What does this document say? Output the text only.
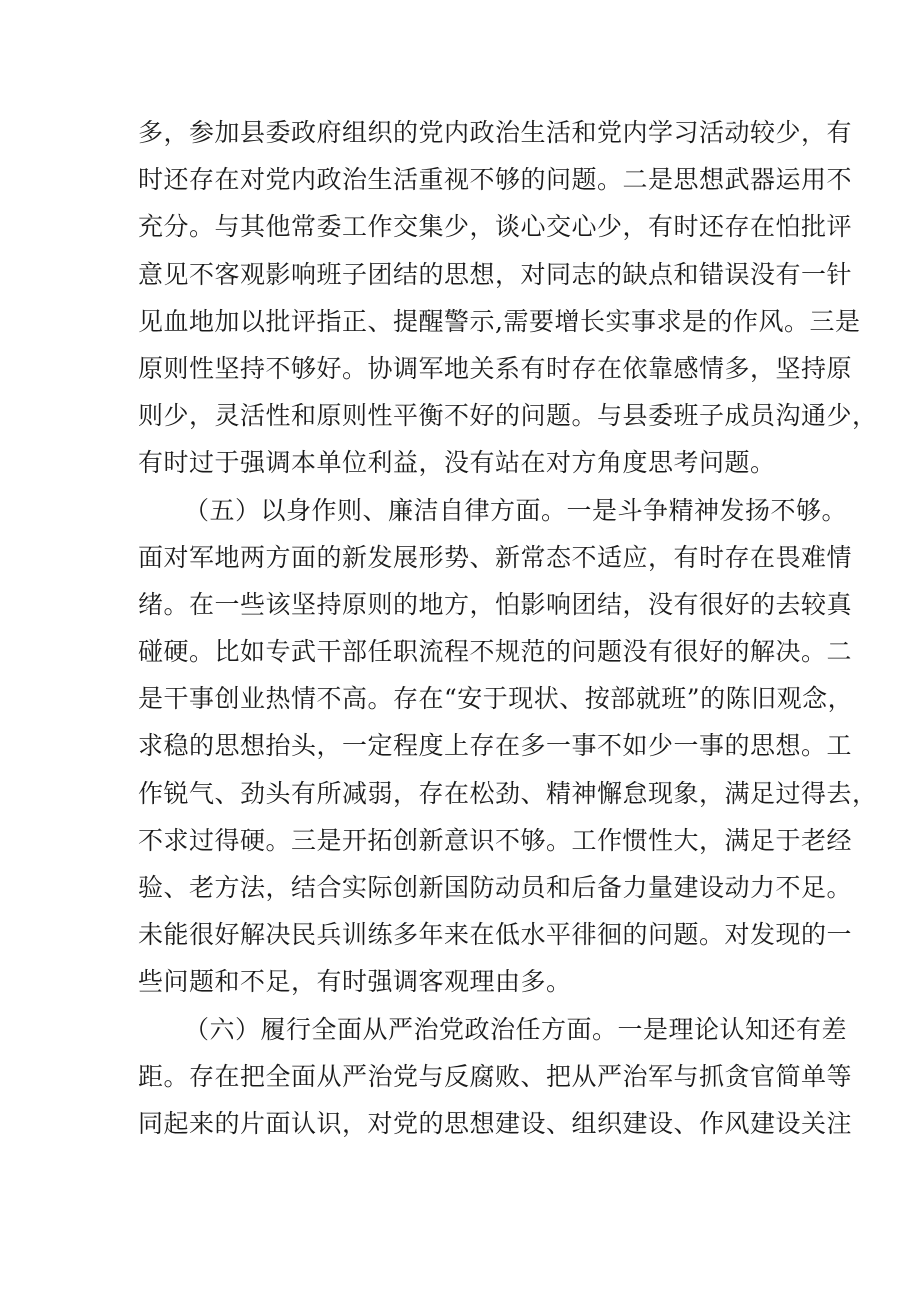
多，参加县委政府组织的党内政治生活和党内学习活动较少，有
时还存在对党内政治生活重视不够的问题。二是思想武器运用不
充分。与其他常委工作交集少，谈心交心少，有时还存在怕批评
意见不客观影响班子团结的思想，对同志的缺点和错误没有一针
见血地加以批评指正、提醒警示,需要增长实事求是的作风。三是
原则性坚持不够好。协调军地关系有时存在依靠感情多，坚持原
则少，灵活性和原则性平衡不好的问题。与县委班子成员沟通少，
有时过于强调本单位利益，没有站在对方角度思考问题。
（五）以身作则、廉洁自律方面。一是斗争精神发扬不够。
面对军地两方面的新发展形势、新常态不适应，有时存在畏难情
绪。在一些该坚持原则的地方，怕影响团结，没有很好的去较真
碰硬。比如专武干部任职流程不规范的问题没有很好的解决。二
是干事创业热情不高。存在“安于现状、按部就班”的陈旧观念，
求稳的思想抬头，一定程度上存在多一事不如少一事的思想。工
作锐气、劲头有所减弱，存在松劲、精神懈怠现象，满足过得去，
不求过得硬。三是开拓创新意识不够。工作惯性大，满足于老经
验、老方法，结合实际创新国防动员和后备力量建设动力不足。
未能很好解决民兵训练多年来在低水平徘徊的问题。对发现的一
些问题和不足，有时强调客观理由多。
（六）履行全面从严治党政治任方面。一是理论认知还有差
距。存在把全面从严治党与反腐败、把从严治军与抓贪官简单等
同起来的片面认识，对党的思想建设、组织建设、作风建设关注
